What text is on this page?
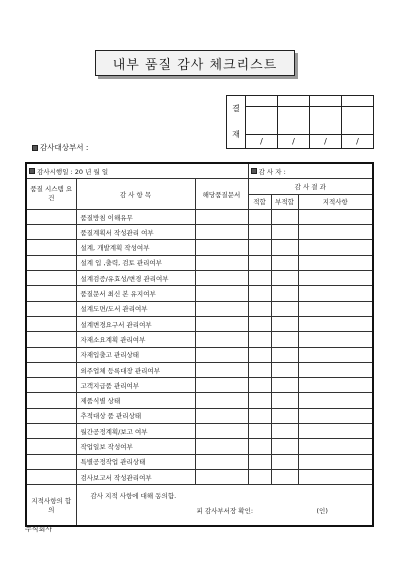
내부 품질 감사 체크리스트
결
재				

	/	/	/	/
감사대상부서 :
감사시행일 : 20 년 월 일			감 사 자 :		
품질 시스템 요건	감 사 항 목	해당품질문서	감 사 결 과		
			적합	부적합	지적사항
	품질방침 이해유무				
	품질계획서 작성관리 여부				
	설계, 개발계획 작성여부				
	설계 입 ,출력, 검토 관리여부				
	설계검증/유효성/변경 관리여부				
	품질문서 최신 본 유지여부				
	설계도면/도서 관리여부				
	설계변경요구서 관리여부				
	자재소요계획 관리여부				
	자재입출고 관리상태				
	외주업체 등록대장 관리여부				
	고객지급품 관리여부				
	제품식별 상태				
	추적대상 품 관리상태				
	월간공정계획/보고 여부				
	작업일보 작성여부				
	특별공정작업 관리상태				
	검사보고서 작성관리여부				
지적사항의 합의	감사 지적 사항에 대해 동의함.
피 감사부서장 확인: (인)				
주식회사
